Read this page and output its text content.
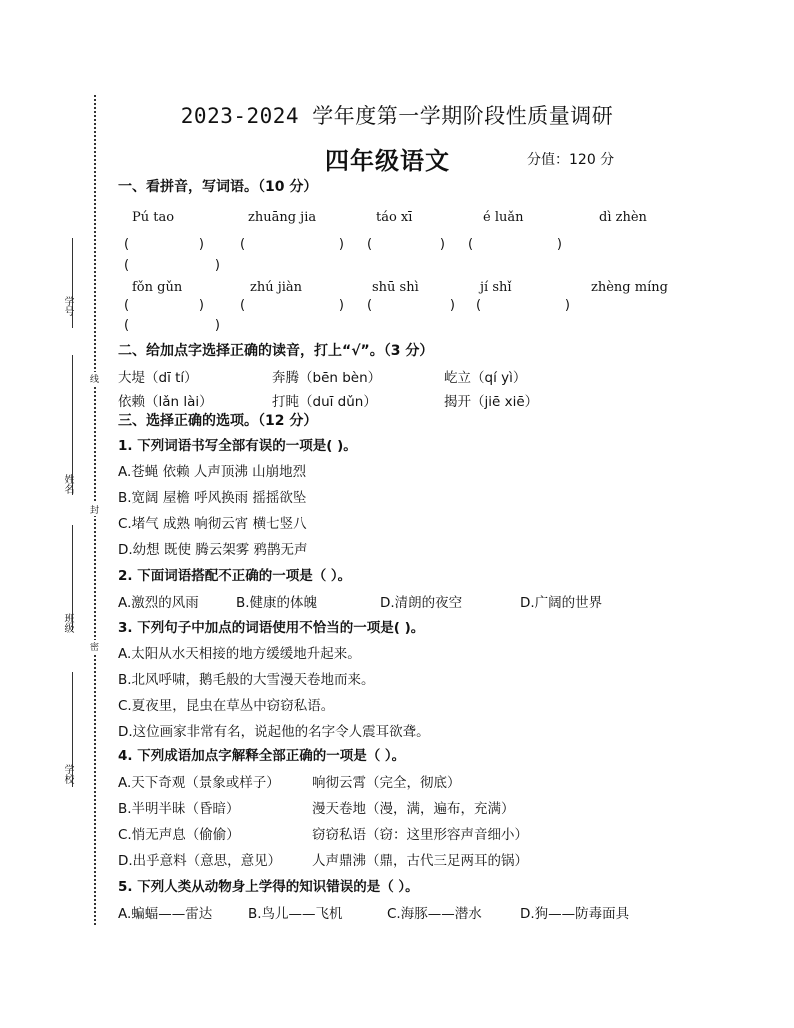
学号
姓名
班级
学校
线
封
密
2023-2024 学年度第一学期阶段性质量调研
四年级语文	分值：120 分
一、看拼音，写词语。（10 分）
Pú tao	zhuāng jia	táo xī	é luǎn	dì zhèn
(	)	(	) (	) (	)
(	)
fǒn gǔn	zhú jiàn	shū shì	jí shǐ	zhèng míng
(	)	(	) (	) (	)
(	)
二、给加点字选择正确的读音，打上“√”。（3 分）
大堤（dī tí）	奔腾（bēn bèn）	屹立（qí yì）
依赖（lǎn lài）	打盹（duī dǔn）	揭开（jiē xiē）
三、选择正确的选项。（12 分）
1. 下列词语书写全部有误的一项是( )。
A.苍蝇 依赖 人声顶沸 山崩地烈
B.宽阔 屋檐 呼风换雨 摇摇欲坠
C.堵气 成熟 响彻云宵 横七竖八
D.幼想 既使 腾云架雾 鸦鹊无声
2. 下面词语搭配不正确的一项是（ ）。
A.激烈的风雨	B.健康的体魄	D.清朗的夜空	D.广阔的世界
3. 下列句子中加点的词语使用不恰当的一项是( )。
A.太阳从水天相接的地方缓缓地升起来。
B.北风呼啸，鹅毛般的大雪漫天卷地而来。
C.夏夜里，昆虫在草丛中窃窃私语。
D.这位画家非常有名，说起他的名字令人震耳欲聋。
4. 下列成语加点字解释全部正确的一项是（ ）。
A.天下奇观（景象或样子） 响彻云霄（完全，彻底）
B.半明半昧（昏暗）	漫天卷地（漫，满，遍布，充满）
C.悄无声息（偷偷）	窃窃私语（窃：这里形容声音细小）
D.出乎意料（意思，意见） 人声鼎沸（鼎，古代三足两耳的锅）
5. 下列人类从动物身上学得的知识错误的是（ ）。
A.蝙蝠——雷达	B.鸟儿——飞机	C.海豚——潜水	D.狗——防毒面具
